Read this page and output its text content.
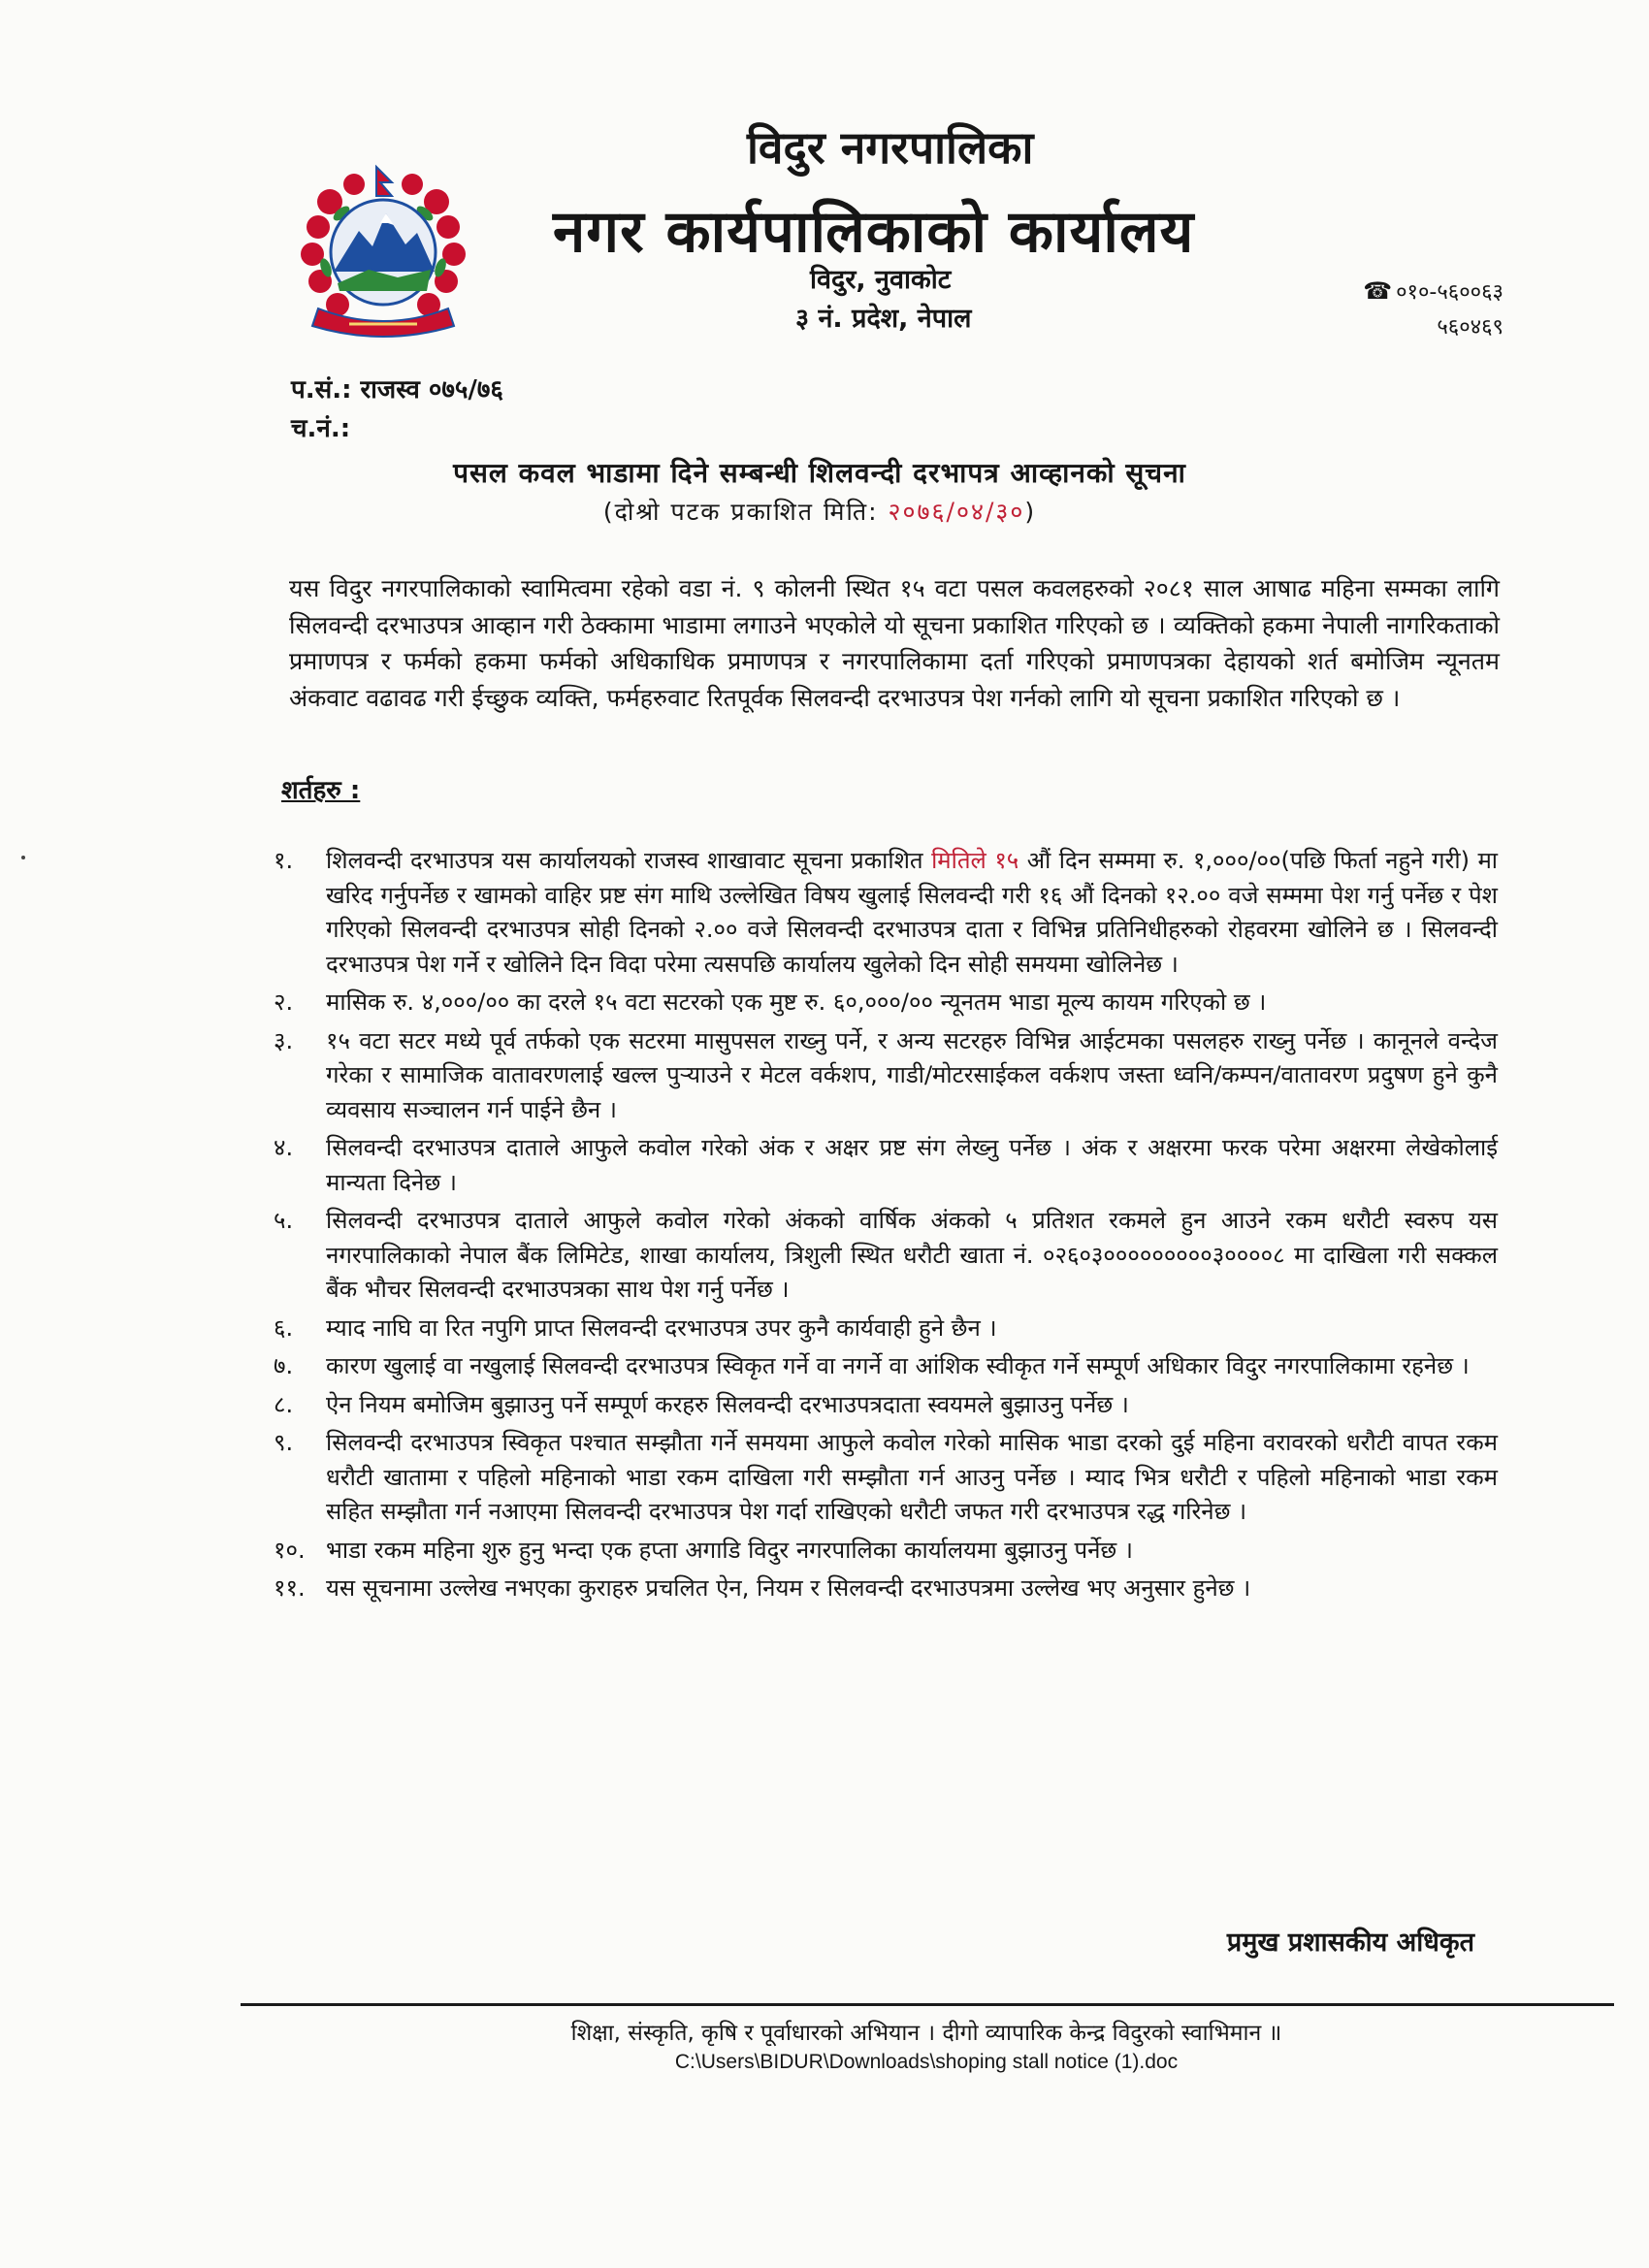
विदुर नगरपालिका
नगर कार्यपालिकाको कार्यालय
विदुर, नुवाकोट
३ नं. प्रदेश, नेपाल
☎ ०१०-५६००६३
५६०४६९
प.सं.: राजस्व ०७५/७६
च.नं.:
पसल कवल भाडामा दिने सम्बन्धी शिलवन्दी दरभापत्र आव्हानको सूचना
(दोश्रो पटक प्रकाशित मिति: २०७६/०४/३०)
यस विदुर नगरपालिकाको स्वामित्वमा रहेको वडा नं. ९ कोलनी स्थित १५ वटा पसल कवलहरुको २०८१ साल आषाढ महिना सम्मका लागि सिलवन्दी दरभाउपत्र आव्हान गरी ठेक्कामा भाडामा लगाउने भएकोले यो सूचना प्रकाशित गरिएको छ । व्यक्तिको हकमा नेपाली नागरिकताको प्रमाणपत्र र फर्मको हकमा फर्मको अधिकाधिक प्रमाणपत्र र नगरपालिकामा दर्ता गरिएको प्रमाणपत्रका देहायको शर्त बमोजिम न्यूनतम अंकवाट वढावढ गरी ईच्छुक व्यक्ति, फर्महरुवाट रितपूर्वक सिलवन्दी दरभाउपत्र पेश गर्नको लागि यो सूचना प्रकाशित गरिएको छ ।
शर्तहरु :
१. शिलवन्दी दरभाउपत्र यस कार्यालयको राजस्व शाखावाट सूचना प्रकाशित मितिले १५ औं दिन सम्ममा रु. १,०००/००(पछि फिर्ता नहुने गरी) मा खरिद गर्नुपर्नेछ र खामको वाहिर प्रष्ट संग माथि उल्लेखित विषय खुलाई सिलवन्दी गरी १६ औं दिनको १२.०० वजे सम्ममा पेश गर्नु पर्नेछ र पेश गरिएको सिलवन्दी दरभाउपत्र सोही दिनको २.०० वजे सिलवन्दी दरभाउपत्र दाता र विभिन्न प्रतिनिधीहरुको रोहवरमा खोलिने छ । सिलवन्दी दरभाउपत्र पेश गर्ने र खोलिने दिन विदा परेमा त्यसपछि कार्यालय खुलेको दिन सोही समयमा खोलिनेछ ।
२. मासिक रु. ४,०००/०० का दरले १५ वटा सटरको एक मुष्ट रु. ६०,०००/०० न्यूनतम भाडा मूल्य कायम गरिएको छ ।
३. १५ वटा सटर मध्ये पूर्व तर्फको एक सटरमा मासुपसल राख्नु पर्ने, र अन्य सटरहरु विभिन्न आईटमका पसलहरु राख्नु पर्नेछ । कानूनले वन्देज गरेका र सामाजिक वातावरणलाई खल्ल पुऱ्याउने र मेटल वर्कशप, गाडी/मोटरसाईकल वर्कशप जस्ता ध्वनि/कम्पन/वातावरण प्रदुषण हुने कुनै व्यवसाय सञ्चालन गर्न पाईने छैन ।
४. सिलवन्दी दरभाउपत्र दाताले आफुले कवोल गरेको अंक र अक्षर प्रष्ट संग लेख्नु पर्नेछ । अंक र अक्षरमा फरक परेमा अक्षरमा लेखेकोलाई मान्यता दिनेछ ।
५. सिलवन्दी दरभाउपत्र दाताले आफुले कवोल गरेको अंकको वार्षिक अंकको ५ प्रतिशत रकमले हुन आउने रकम धरौटी स्वरुप यस नगरपालिकाको नेपाल बैंक लिमिटेड, शाखा कार्यालय, त्रिशुली स्थित धरौटी खाता नं. ०२६०३०००००००००३००००८ मा दाखिला गरी सक्कल बैंक भौचर सिलवन्दी दरभाउपत्रका साथ पेश गर्नु पर्नेछ ।
६. म्याद नाघि वा रित नपुगि प्राप्त सिलवन्दी दरभाउपत्र उपर कुनै कार्यवाही हुने छैन ।
७. कारण खुलाई वा नखुलाई सिलवन्दी दरभाउपत्र स्विकृत गर्ने वा नगर्ने वा आंशिक स्वीकृत गर्ने सम्पूर्ण अधिकार विदुर नगरपालिकामा रहनेछ ।
८. ऐन नियम बमोजिम बुझाउनु पर्ने सम्पूर्ण करहरु सिलवन्दी दरभाउपत्रदाता स्वयमले बुझाउनु पर्नेछ ।
९. सिलवन्दी दरभाउपत्र स्विकृत पश्चात सम्झौता गर्ने समयमा आफुले कवोल गरेको मासिक भाडा दरको दुई महिना वरावरको धरौटी वापत रकम धरौटी खातामा र पहिलो महिनाको भाडा रकम दाखिला गरी सम्झौता गर्न आउनु पर्नेछ । म्याद भित्र धरौटी र पहिलो महिनाको भाडा रकम सहित सम्झौता गर्न नआएमा सिलवन्दी दरभाउपत्र पेश गर्दा राखिएको धरौटी जफत गरी दरभाउपत्र रद्ध गरिनेछ ।
१०. भाडा रकम महिना शुरु हुनु भन्दा एक हप्ता अगाडि विदुर नगरपालिका कार्यालयमा बुझाउनु पर्नेछ ।
११. यस सूचनामा उल्लेख नभएका कुराहरु प्रचलित ऐन, नियम र सिलवन्दी दरभाउपत्रमा उल्लेख भए अनुसार हुनेछ ।
प्रमुख प्रशासकीय अधिकृत
शिक्षा, संस्कृति, कृषि र पूर्वाधारको अभियान । दीगो व्यापारिक केन्द्र विदुरको स्वाभिमान ॥
C:\Users\BIDUR\Downloads\shoping stall notice (1).doc
